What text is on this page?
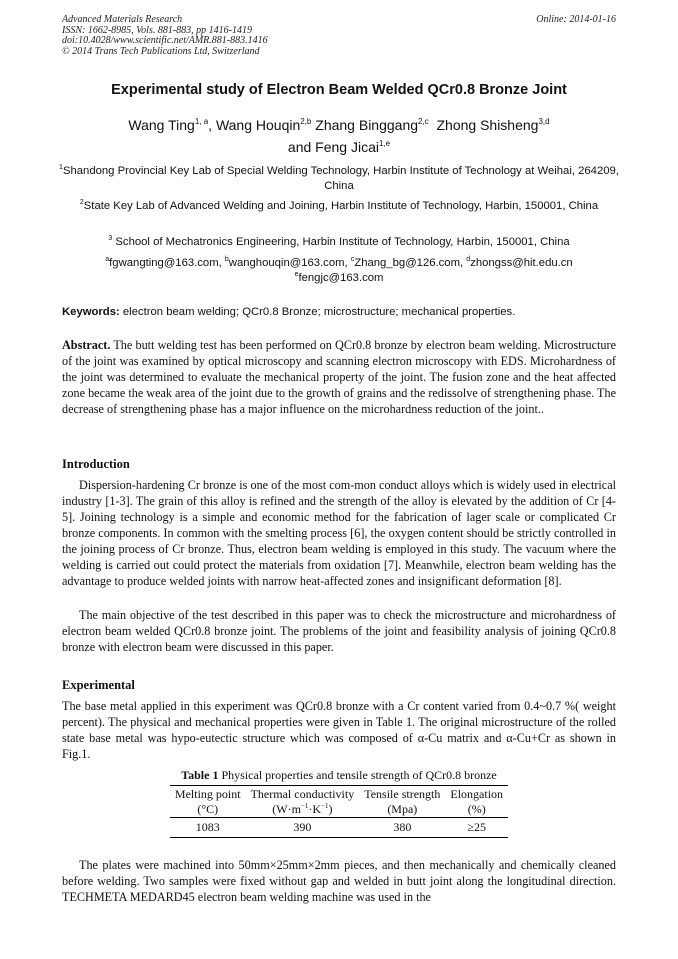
Advanced Materials Research
ISSN: 1662-8985, Vols. 881-883, pp 1416-1419
doi:10.4028/www.scientific.net/AMR.881-883.1416
© 2014 Trans Tech Publications Ltd, Switzerland
Online: 2014-01-16
Experimental study of Electron Beam Welded QCr0.8 Bronze Joint
Wang Ting$^{1, a}$, Wang Houqin$^{2,b}$ Zhang Binggang$^{2,c}$ Zhong Shisheng$^{3,d}$
and Feng Jicai$^{1,e}$
$^1$Shandong Provincial Key Lab of Special Welding Technology, Harbin Institute of Technology at Weihai, 264209, China
$^2$State Key Lab of Advanced Welding and Joining, Harbin Institute of Technology, Harbin, 150001, China
$^3$ School of Mechatronics Engineering, Harbin Institute of Technology, Harbin, 150001, China
$^a$fgwangting@163.com, $^b$wanghouqin@163.com, $^c$Zhang_bg@126.com, $^d$zhongss@hit.edu.cn
$^e$fengjc@163.com
Keywords: electron beam welding; QCr0.8 Bronze; microstructure; mechanical properties.

Abstract. The butt welding test has been performed on QCr0.8 bronze by electron beam welding. Microstructure of the joint was examined by optical microscopy and scanning electron microscopy with EDS. Microhardness of the joint was determined to evaluate the mechanical property of the joint. The fusion zone and the heat affected zone became the weak area of the joint due to the growth of grains and the redissolve of strengthening phase. The decrease of strengthening phase has a major influence on the microhardness reduction of the joint..

Introduction

Dispersion-hardening Cr bronze is one of the most com-mon conduct alloys which is widely used in electrical industry [1-3]. The grain of this alloy is refined and the strength of the alloy is elevated by the addition of Cr [4-5]. Joining technology is a simple and economic method for the fabrication of lager scale or complicated Cr bronze components. In common with the smelting process [6], the oxygen content should be strictly controlled in the joining process of Cr bronze. Thus, electron beam welding is employed in this study. The vacuum where the welding is carried out could protect the materials from oxidation [7]. Meanwhile, electron beam welding has the advantage to produce welded joints with narrow heat-affected zones and insignificant deformation [8].

The main objective of the test described in this paper was to check the microstructure and microhardness of electron beam welded QCr0.8 bronze joint. The problems of the joint and feasibility analysis of joining QCr0.8 bronze with electron beam were discussed in this paper.

Experimental

The base metal applied in this experiment was QCr0.8 bronze with a Cr content varied from 0.4~0.7 %( weight percent). The physical and mechanical properties were given in Table 1. The original microstructure of the rolled state base metal was hypo-eutectic structure which was composed of α-Cu matrix and α-Cu+Cr as shown in Fig.1.

Table 1 Physical properties and tensile strength of QCr0.8 bronze
Melting point	Thermal conductivity	Tensile strength	Elongation
(°C)	$(W\cdot m^{-1}\cdot K^{-1})$	(Mpa)	(%)
1083	390	380	≥25

The plates were machined into 50mm×25mm×2mm pieces, and then mechanically and chemically cleaned before welding. Two samples were fixed without gap and welded in butt joint along the longitudinal direction. TECHMETA MEDARD45 electron beam welding machine was used in the
